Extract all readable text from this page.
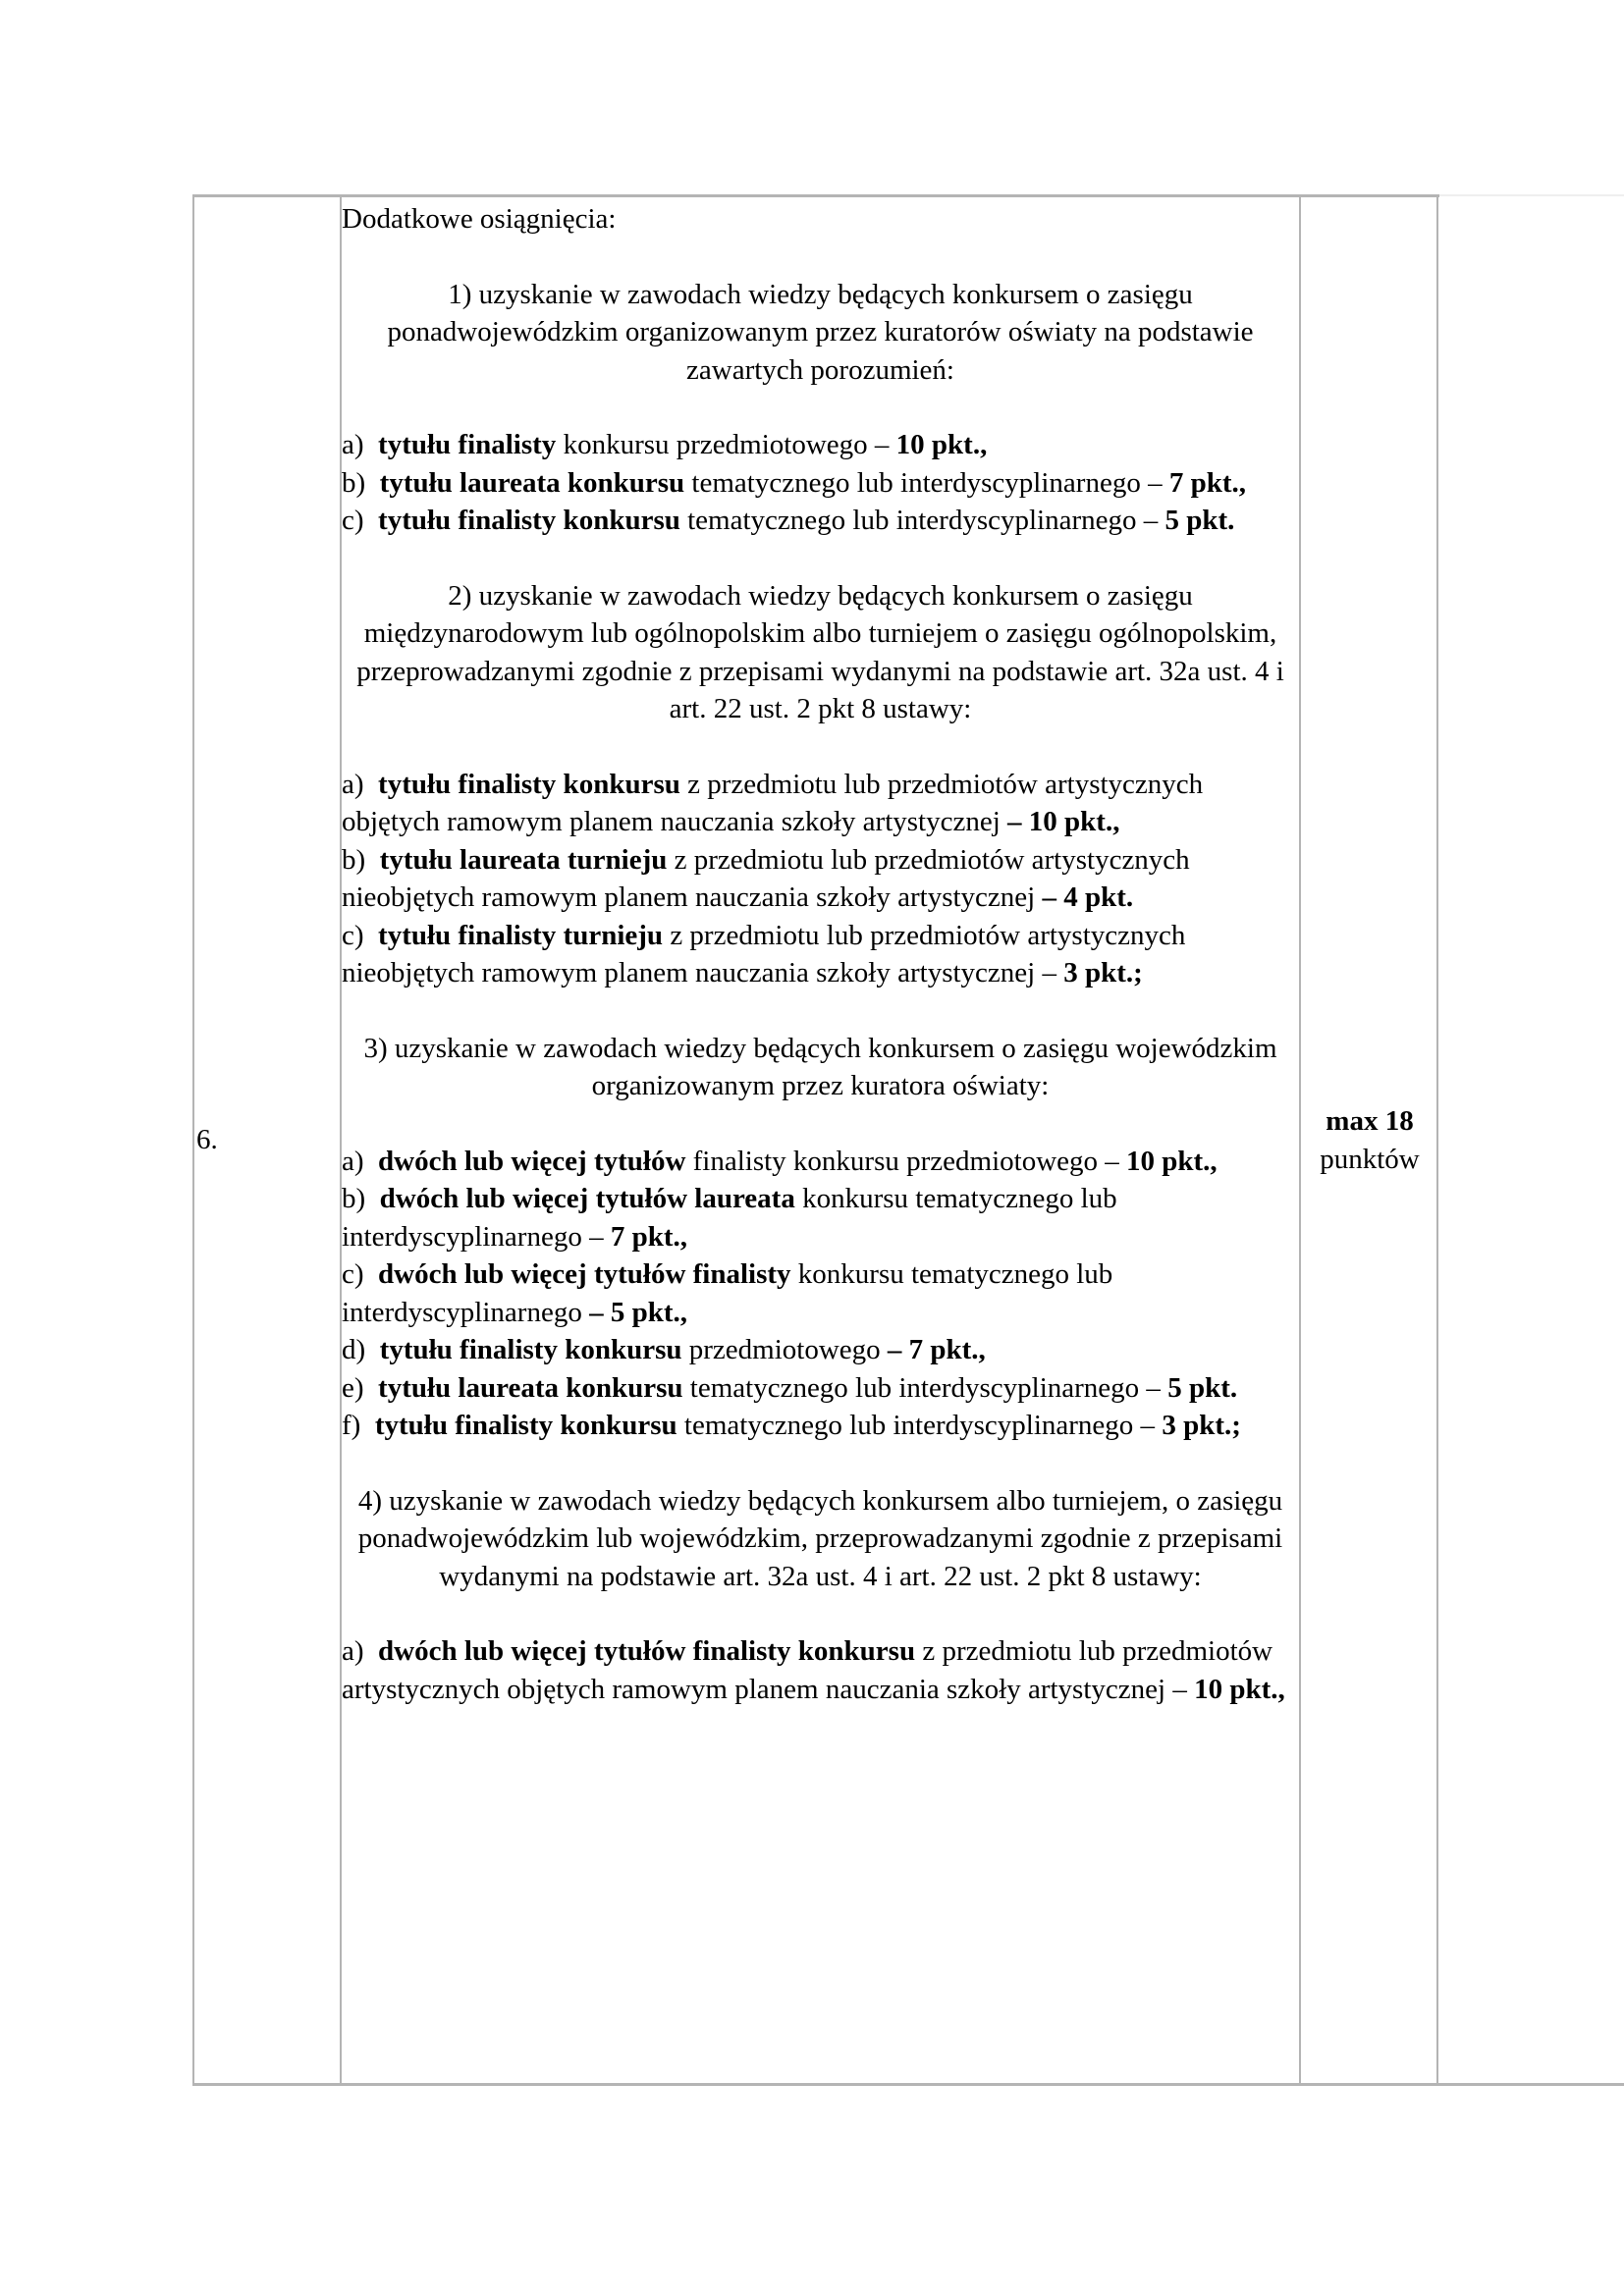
6.

Dodatkowe osiągnięcia:

1) uzyskanie w zawodach wiedzy będących konkursem o zasięgu ponadwojewódzkim organizowanym przez kuratorów oświaty na podstawie zawartych porozumień:

a) tytułu finalisty konkursu przedmiotowego – 10 pkt.,

b) tytułu laureata konkursu tematycznego lub interdyscyplinarnego – 7 pkt.,

c) tytułu finalisty konkursu tematycznego lub interdyscyplinarnego – 5 pkt.

2) uzyskanie w zawodach wiedzy będących konkursem o zasięgu międzynarodowym lub ogólnopolskim albo turniejem o zasięgu ogólnopolskim, przeprowadzanymi zgodnie z przepisami wydanymi na podstawie art. 32a ust. 4 i art. 22 ust. 2 pkt 8 ustawy:

a) tytułu finalisty konkursu z przedmiotu lub przedmiotów artystycznych objętych ramowym planem nauczania szkoły artystycznej – 10 pkt.,

b) tytułu laureata turnieju z przedmiotu lub przedmiotów artystycznych nieobjętych ramowym planem nauczania szkoły artystycznej – 4 pkt.

c) tytułu finalisty turnieju z przedmiotu lub przedmiotów artystycznych nieobjętych ramowym planem nauczania szkoły artystycznej – 3 pkt.;

3) uzyskanie w zawodach wiedzy będących konkursem o zasięgu wojewódzkim organizowanym przez kuratora oświaty:

a) dwóch lub więcej tytułów finalisty konkursu przedmiotowego – 10 pkt.,

b) dwóch lub więcej tytułów laureata konkursu tematycznego lub interdyscyplinarnego – 7 pkt.,

c) dwóch lub więcej tytułów finalisty konkursu tematycznego lub interdyscyplinarnego – 5 pkt.,

d) tytułu finalisty konkursu przedmiotowego – 7 pkt.,

e) tytułu laureata konkursu tematycznego lub interdyscyplinarnego – 5 pkt.

f) tytułu finalisty konkursu tematycznego lub interdyscyplinarnego – 3 pkt.;

4) uzyskanie w zawodach wiedzy będących konkursem albo turniejem, o zasięgu ponadwojewódzkim lub wojewódzkim, przeprowadzanymi zgodnie z przepisami wydanymi na podstawie art. 32a ust. 4 i art. 22 ust. 2 pkt 8 ustawy:

a) dwóch lub więcej tytułów finalisty konkursu z przedmiotu lub przedmiotów artystycznych objętych ramowym planem nauczania szkoły artystycznej – 10 pkt.,

max 18
punktów
